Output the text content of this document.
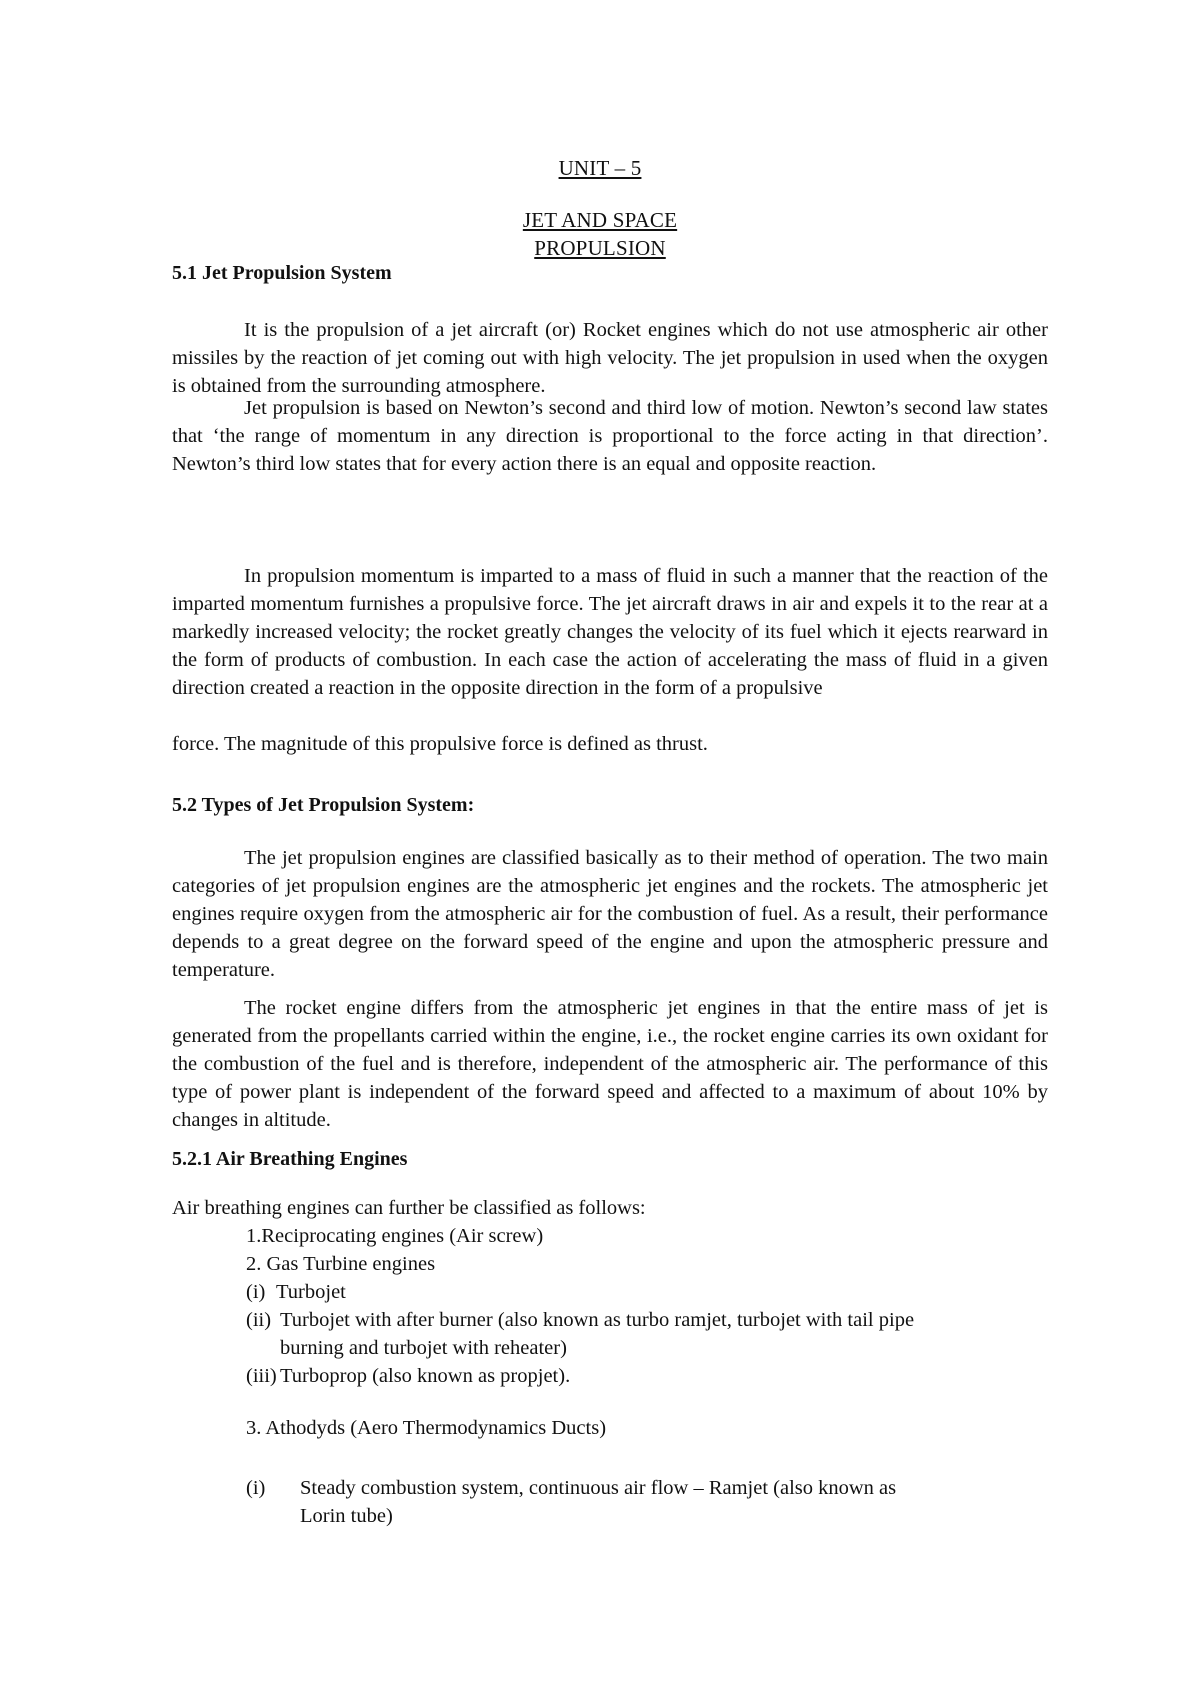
UNIT – 5
JET AND SPACE
PROPULSION
5.1 Jet Propulsion System

It is the propulsion of a jet aircraft (or) Rocket engines which do not use atmospheric air other missiles by the reaction of jet coming out with high velocity. The jet propulsion in used when the oxygen is obtained from the surrounding atmosphere.

Jet propulsion is based on Newton’s second and third low of motion. Newton’s second law states that ‘the range of momentum in any direction is proportional to the force acting in that direction’. Newton’s third low states that for every action there is an equal and opposite reaction.

In propulsion momentum is imparted to a mass of fluid in such a manner that the reaction of the imparted momentum furnishes a propulsive force. The jet aircraft draws in air and expels it to the rear at a markedly increased velocity; the rocket greatly changes the velocity of its fuel which it ejects rearward in the form of products of combustion. In each case the action of accelerating the mass of fluid in a given direction created a reaction in the opposite direction in the form of a propulsive

force. The magnitude of this propulsive force is defined as thrust.
5.2 Types of Jet Propulsion System:

The jet propulsion engines are classified basically as to their method of operation. The two main categories of jet propulsion engines are the atmospheric jet engines and the rockets. The atmospheric jet engines require oxygen from the atmospheric air for the combustion of fuel. As a result, their performance depends to a great degree on the forward speed of the engine and upon the atmospheric pressure and temperature.

The rocket engine differs from the atmospheric jet engines in that the entire mass of jet is generated from the propellants carried within the engine, i.e., the rocket engine carries its own oxidant for the combustion of the fuel and is therefore, independent of the atmospheric air. The performance of this type of power plant is independent of the forward speed and affected to a maximum of about 10% by changes in altitude.

5.2.1 Air Breathing Engines
Air breathing engines can further be classified as follows:
1.Reciprocating engines (Air screw)
2. Gas Turbine engines
(i) Turbojet
(ii) Turbojet with after burner (also known as turbo ramjet, turbojet with tail pipe
burning and turbojet with reheater)
(iii) Turboprop (also known as propjet).
3. Athodyds (Aero Thermodynamics Ducts)
(i) Steady combustion system, continuous air flow – Ramjet (also known as
Lorin tube)
